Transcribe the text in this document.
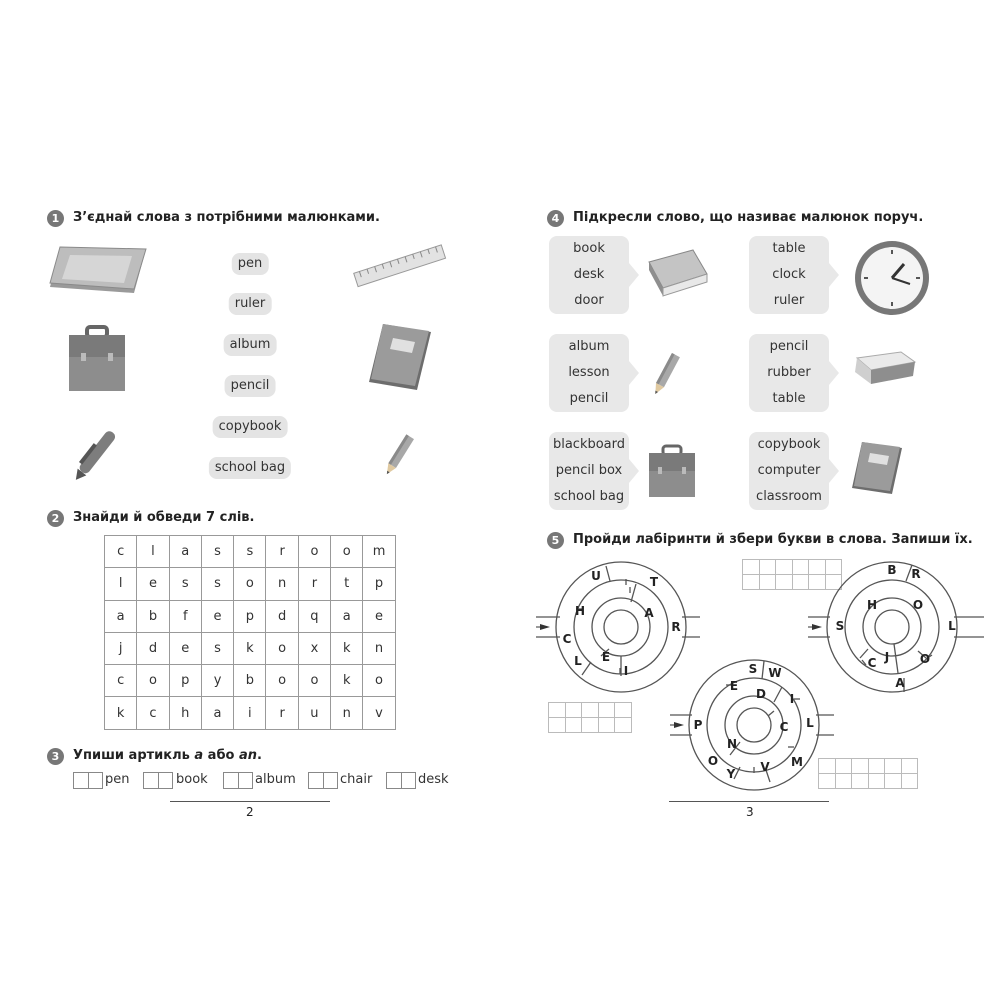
1	З’єднай слова з потрібними малюнками.
pen
ruler
album
pencil
copybook
school bag
2	Знайди й обведи 7 слів.
c	l	a	s	s	r	o	o	m
l	e	s	s	o	n	r	t	p
a	b	f	e	p	d	q	a	e
j	d	e	s	k	o	x	k	n
c	o	p	y	b	o	o	k	o
k	c	h	a	i	r	u	n	v
3	Упиши артикль a або an.
pen	book	album	chair	desk
2
4	Підкресли слово, що називає малюнок поруч.
book
desk
door
table
clock
ruler
album
lesson
pencil
pencil
rubber
table
blackboard
pencil box
school bag
copybook
computer
classroom
5	Пройди лабіринти й збери букви в слова. Запиши їх.

U	T
H	A
R
C
E
L
I	S W
E
D I
P	C L
N
O	V M
Y
B R
H	O
S	L
J
C	O
A
3
